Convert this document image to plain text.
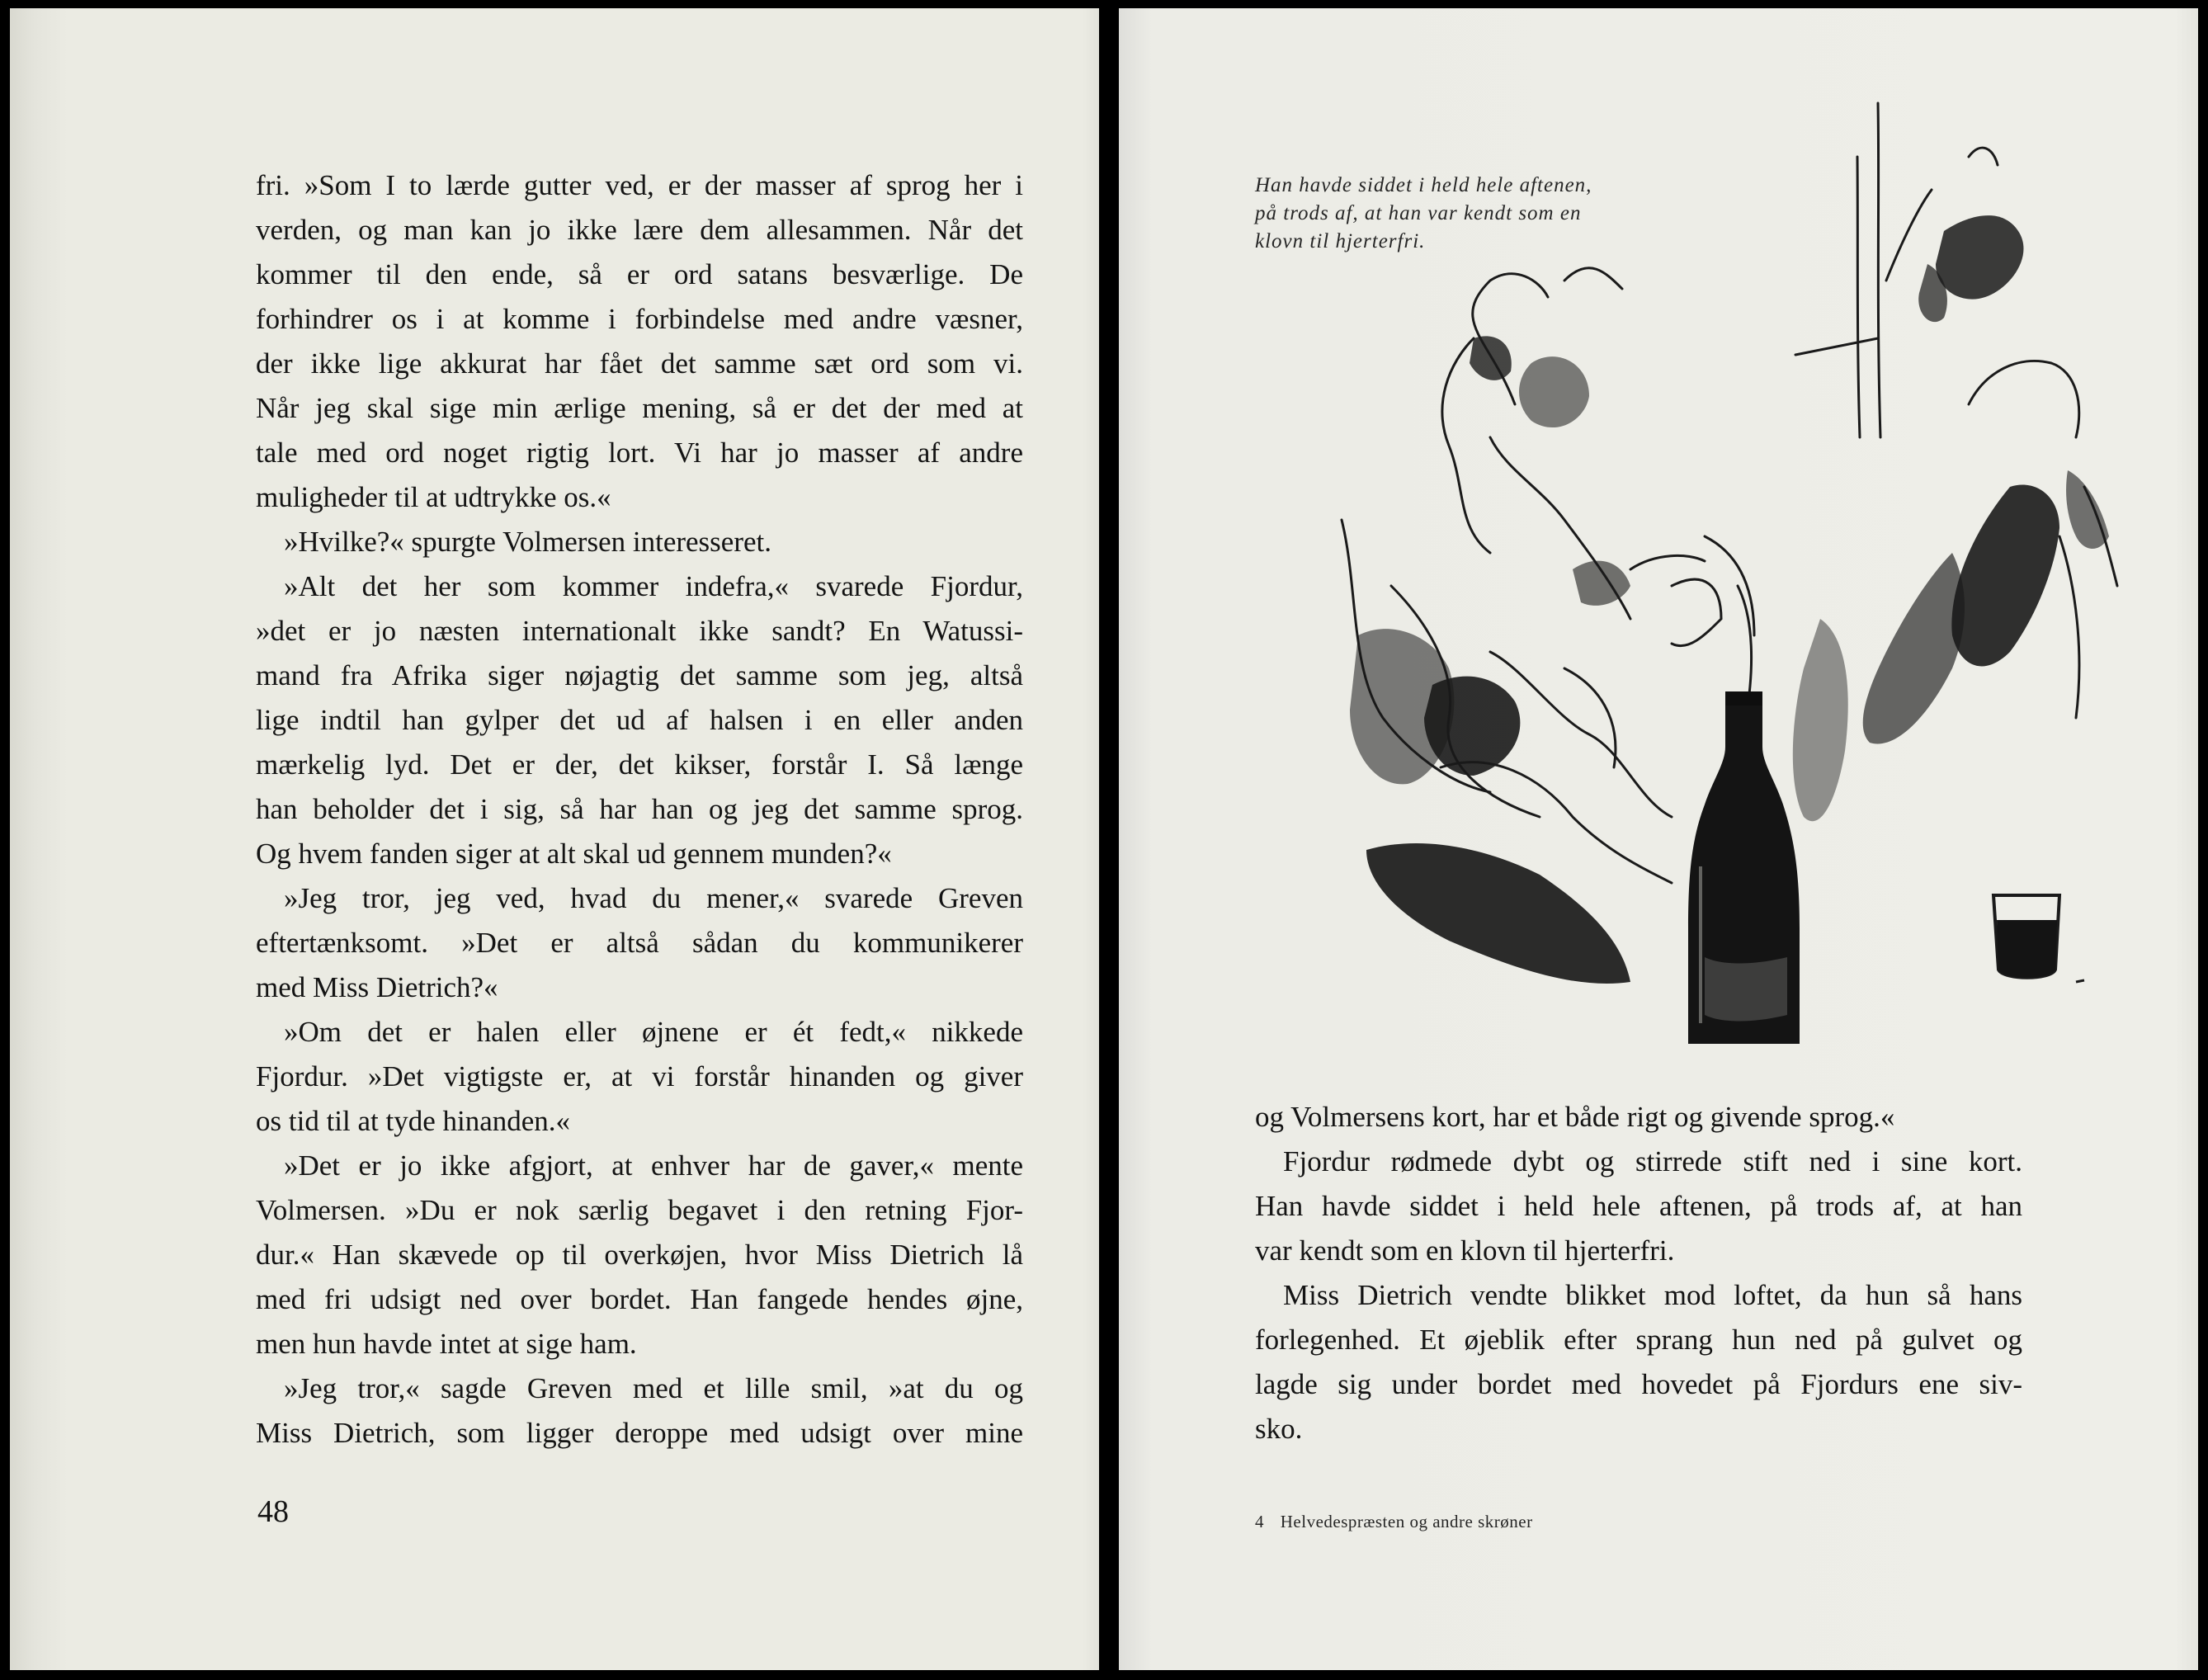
fri. »Som I to lærde gutter ved, er der masser af sprog her i
verden, og man kan jo ikke lære dem allesammen. Når det
kommer til den ende, så er ord satans besværlige. De
forhindrer os i at komme i forbindelse med andre væsner,
der ikke lige akkurat har fået det samme sæt ord som vi.
Når jeg skal sige min ærlige mening, så er det der med at
tale med ord noget rigtig lort. Vi har jo masser af andre
muligheder til at udtrykke os.«
»Hvilke?« spurgte Volmersen interesseret.
»Alt det her som kommer indefra,« svarede Fjordur,
»det er jo næsten internationalt ikke sandt? En Watussi-
mand fra Afrika siger nøjagtig det samme som jeg, altså
lige indtil han gylper det ud af halsen i en eller anden
mærkelig lyd. Det er der, det kikser, forstår I. Så længe
han beholder det i sig, så har han og jeg det samme sprog.
Og hvem fanden siger at alt skal ud gennem munden?«
»Jeg tror, jeg ved, hvad du mener,« svarede Greven
eftertænksomt. »Det er altså sådan du kommunikerer
med Miss Dietrich?«
»Om det er halen eller øjnene er ét fedt,« nikkede
Fjordur. »Det vigtigste er, at vi forstår hinanden og giver
os tid til at tyde hinanden.«
»Det er jo ikke afgjort, at enhver har de gaver,« mente
Volmersen. »Du er nok særlig begavet i den retning Fjor-
dur.« Han skævede op til overkøjen, hvor Miss Dietrich lå
med fri udsigt ned over bordet. Han fangede hendes øjne,
men hun havde intet at sige ham.
»Jeg tror,« sagde Greven med et lille smil, »at du og
Miss Dietrich, som ligger deroppe med udsigt over mine
48
Han havde siddet i held hele aftenen,
på trods af, at han var kendt som en
klovn til hjerterfri.
og Volmersens kort, har et både rigt og givende sprog.«
Fjordur rødmede dybt og stirrede stift ned i sine kort.
Han havde siddet i held hele aftenen, på trods af, at han
var kendt som en klovn til hjerterfri.
Miss Dietrich vendte blikket mod loftet, da hun så hans
forlegenhed. Et øjeblik efter sprang hun ned på gulvet og
lagde sig under bordet med hovedet på Fjordurs ene siv-
sko.
4 Helvedespræsten og andre skrøner
